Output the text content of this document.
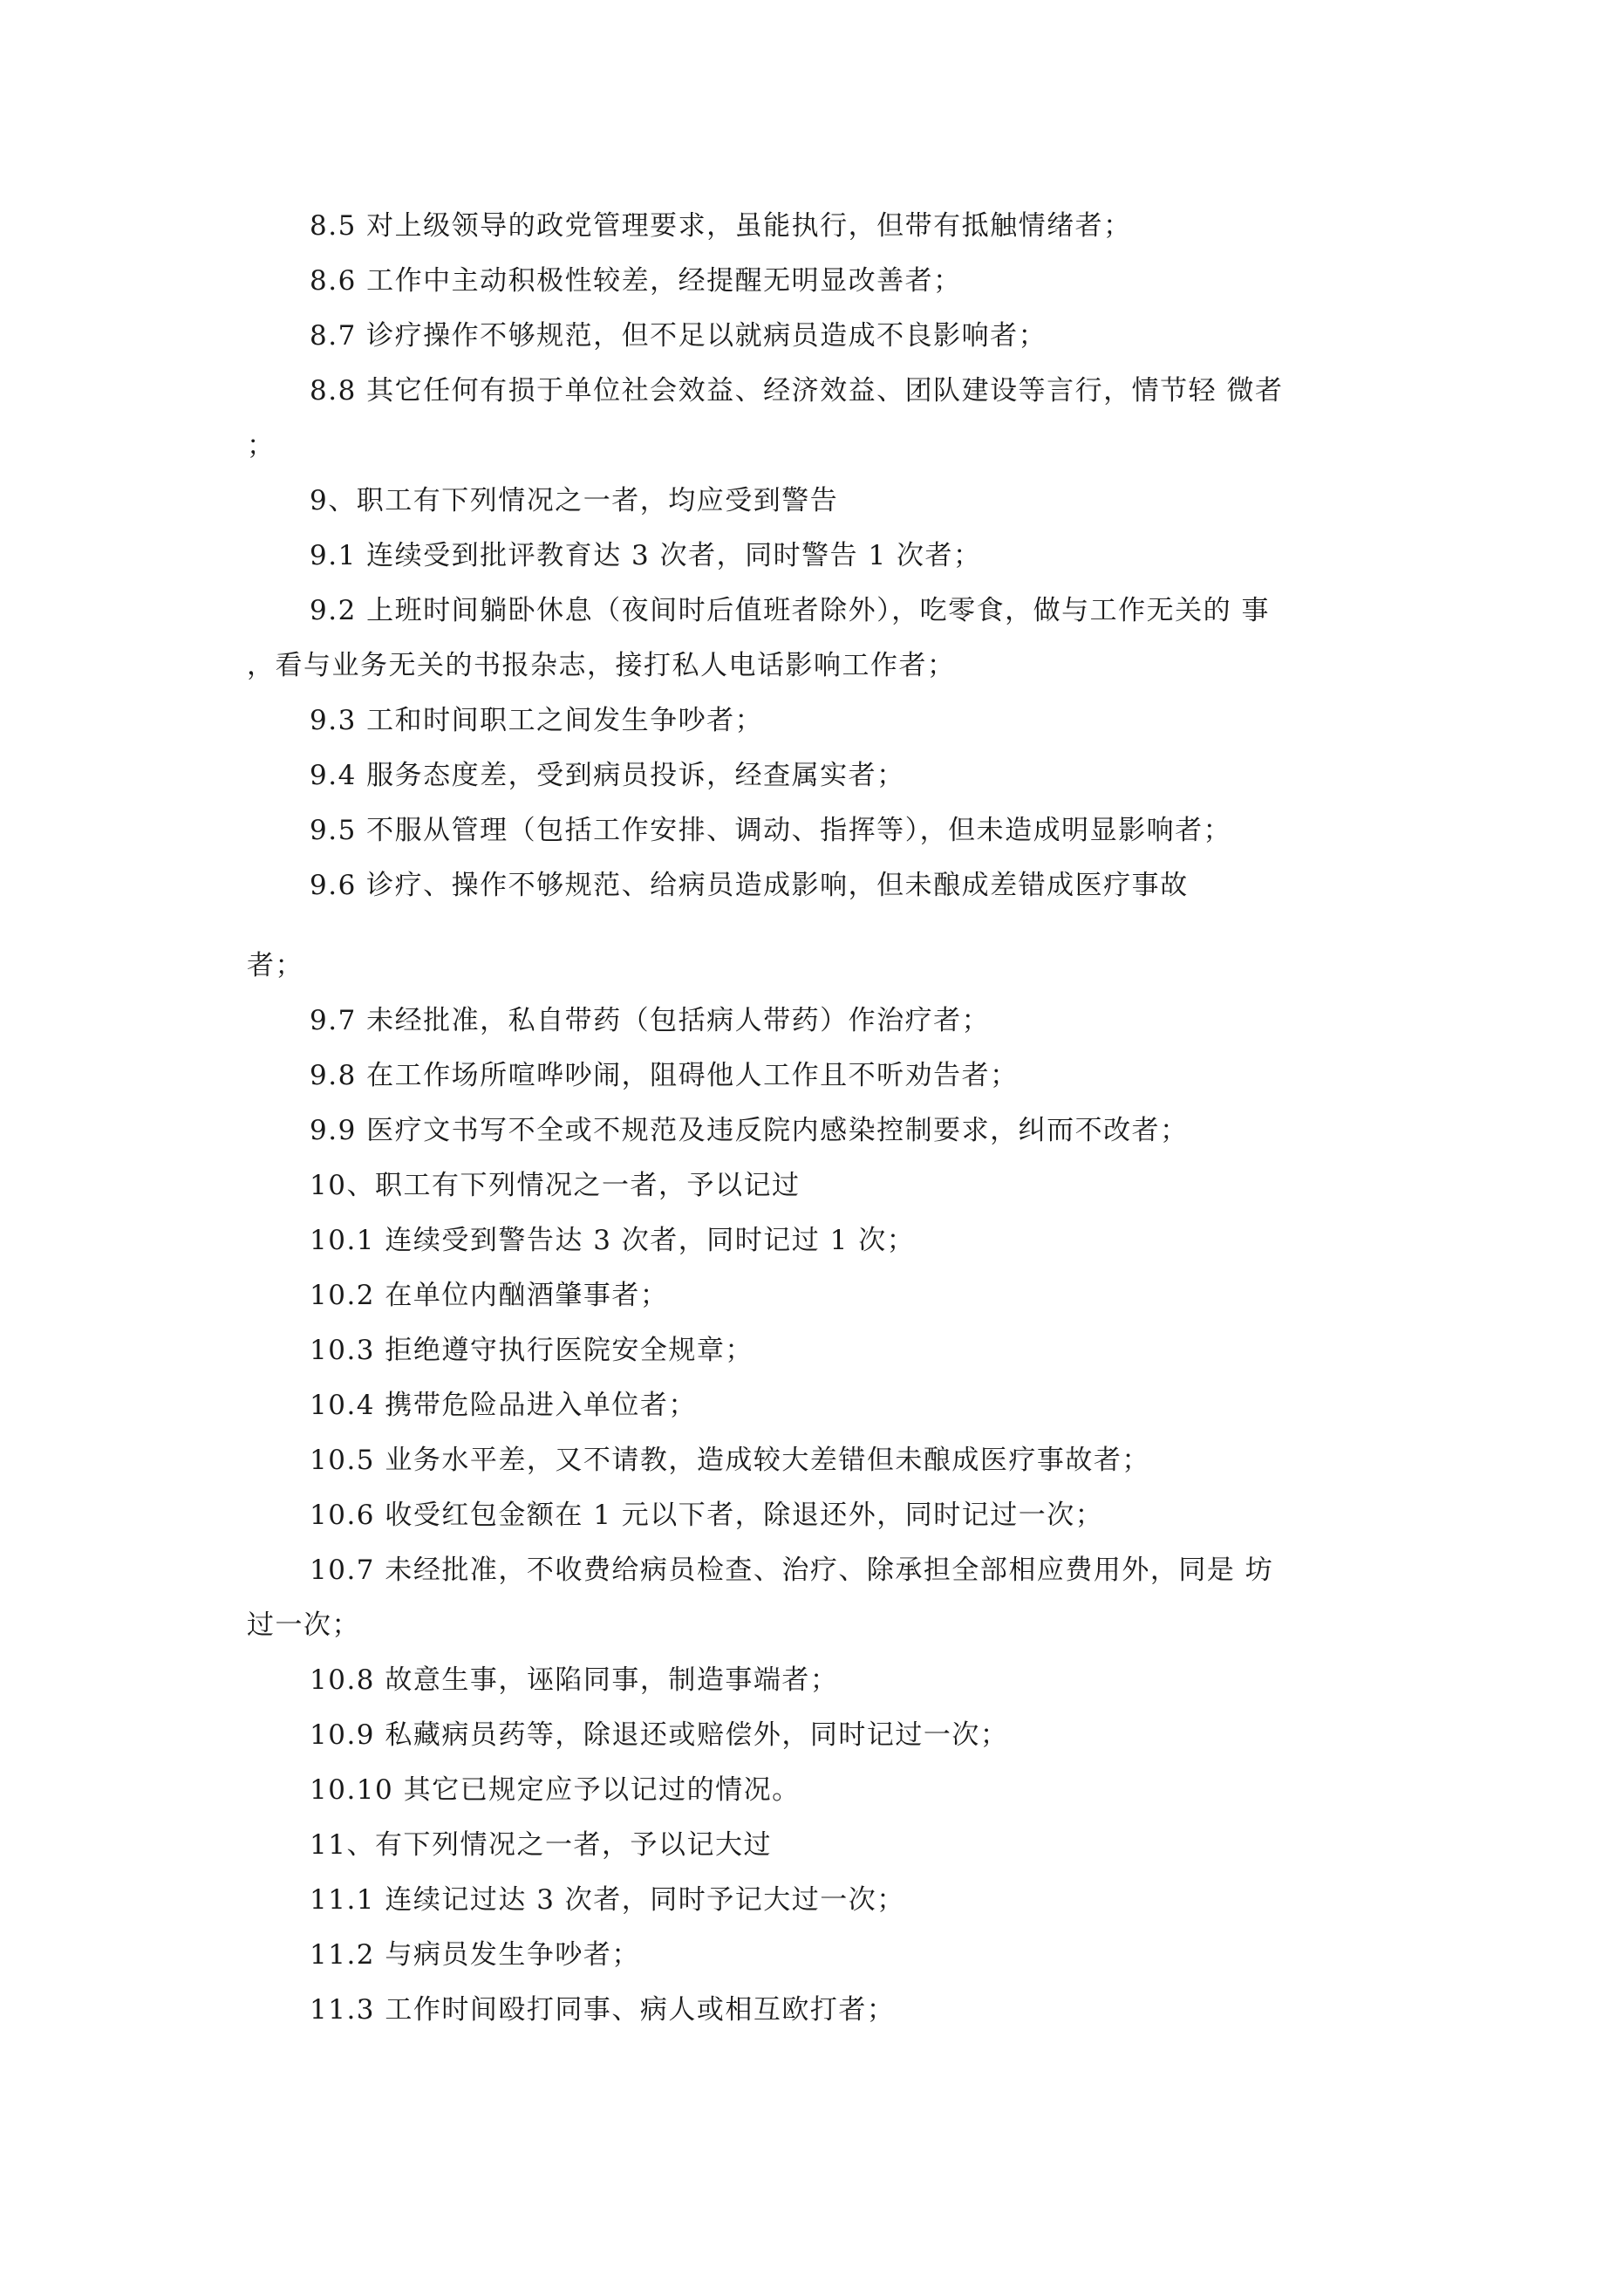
8.5 对上级领导的政党管理要求，虽能执行，但带有抵触情绪者；
8.6 工作中主动积极性较差，经提醒无明显改善者；
8.7 诊疗操作不够规范，但不足以就病员造成不良影响者；
8.8 其它任何有损于单位社会效益、经济效益、团队建设等言行，情节轻 微者
；
9、职工有下列情况之一者，均应受到警告
9.1 连续受到批评教育达 3 次者，同时警告 1 次者；
9.2 上班时间躺卧休息（夜间时后值班者除外），吃零食，做与工作无关的 事
，看与业务无关的书报杂志，接打私人电话影响工作者；
9.3 工和时间职工之间发生争吵者；
9.4 服务态度差，受到病员投诉，经查属实者；
9.5 不服从管理（包括工作安排、调动、指挥等），但未造成明显影响者；
9.6 诊疗、操作不够规范、给病员造成影响，但未酿成差错成医疗事故
者；
9.7 未经批准，私自带药（包括病人带药）作治疗者；
9.8 在工作场所喧哗吵闹，阻碍他人工作且不听劝告者；
9.9 医疗文书写不全或不规范及违反院内感染控制要求，纠而不改者；
10、职工有下列情况之一者，予以记过
10.1 连续受到警告达 3 次者，同时记过 1 次；
10.2 在单位内酗酒肇事者；
10.3 拒绝遵守执行医院安全规章；
10.4 携带危险品进入单位者；
10.5 业务水平差，又不请教，造成较大差错但未酿成医疗事故者；
10.6 收受红包金额在 1 元以下者，除退还外，同时记过一次；
10.7 未经批准，不收费给病员检查、治疗、除承担全部相应费用外，同是 坊
过一次；
10.8 故意生事，诬陷同事，制造事端者；
10.9 私藏病员药等，除退还或赔偿外，同时记过一次；
10.10 其它已规定应予以记过的情况。
11、有下列情况之一者，予以记大过
11.1 连续记过达 3 次者，同时予记大过一次；
11.2 与病员发生争吵者；
11.3 工作时间殴打同事、病人或相互欧打者；
